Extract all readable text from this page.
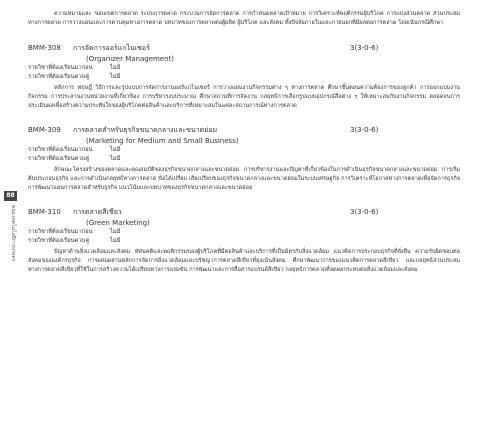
88
คณะเทคโนโลยีการเกษตร

ความหมายและ ขอบเขตการตลาด ระบบการตลาด กระบวนการจัดการตลาด การกำหนดตลาดเป้าหมาย การวิเคราะห์พฤติกรรมผู้บริโภค การแบ่งส่วนตลาด ส่วนประสมทางการตลาด การวางแผนและการควบคุมทางการตลาด บทบาทของการตลาดต่อผู้ผลิต ผู้บริโภค และสังคม ทั้งปัจจัยภายในและภายนอกที่มีผลต่อการตลาด โดยเน้นกรณีศึกษา

BMM-308 การจัดการออร์แกไนเซอร์	3(3-0-6)
(Organizer Management)
รายวิชาที่ต้องเรียนมาก่อน	ไม่มี
รายวิชาที่ต้องเรียนควบคู่	ไม่มี

หลักการ ทฤษฎี วิธีการและรูปแบบการจัดการงานออร์แกไนเซอร์ การวางแผนงานกิจกรรมต่าง ๆ ทางการตลาด ศึกษาขั้นตอนความต้องการของลูกค้า การออกแบบงานกิจกรรม การประสานงานหน่วยงานที่เกี่ยวข้อง การบริหารงบประมาณ ศึกษาสถานที่การจัดงาน กลยุทธ์การเลือกรูปแบบอุปกรณ์สื่อต่าง ๆ ให้เหมาะสมกับงานกิจกรรม ตลอดจนการประเมินผลเพื่อสร้างความประทับใจของผู้บริโภคต่อสินค้าและบริการที่เหมาะสมในแต่ละสถานการณ์ทางการตลาด

BMM-309 การตลาดสำหรับธุรกิจขนาดกลางและขนาดย่อม	3(3-0-6)
(Marketing for Medium and Small Business)
รายวิชาที่ต้องเรียนมาก่อน	ไม่มี
รายวิชาที่ต้องเรียนควบคู่	ไม่มี

ลักษณะโครงสร้างของตลาดและคุณสมบัติของธุรกิจขนาดกลางและขนาดย่อม การบริหารงานและปัญหาที่เกี่ยวข้องในการดำเนินธุรกิจขนาดกลางและขนาดย่อม การเริ่มต้นประกอบธุรกิจ และการดำเนินกลยุทธ์ทางการตลาด ข้อได้เปรียบ เสียเปรียบของธุรกิจขนาดกลางและขนาดย่อมในระบบเศรษฐกิจ การวิเคราะห์โอกาสทางการตลาดเพื่อจัดการธุรกิจ การพัฒนาแผนการตลาดสำหรับธุรกิจ แนวโน้มและบทบาทของธุรกิจขนาดกลางและขนาดย่อม

BMM-310 การตลาดสีเขียว	3(3-0-6)
(Green Marketing)
รายวิชาที่ต้องเรียนมาก่อน	ไม่มี
รายวิชาที่ต้องเรียนควบคู่	ไม่มี

ปัญหาด้านสิ่งแวดล้อมและสังคม ทัศนคติและพฤติกรรมของผู้บริโภคที่มีต่อสินค้าและบริการที่เป็นมิตรกับสิ่งแวดล้อม แนวคิดการประกอบธุรกิจที่ยั่งยืน ความรับผิดชอบต่อสังคมขององค์กรธุรกิจ การผสมผสานหลักการจัดการสิ่งแวดล้อมและปรัชญาการตลาดสีเขียวที่มุ่งเน้นสังคม ศึกษาพัฒนาการของแนวคิดการตลาดสีเขียว และกลยุทธ์ส่วนประสมทางการตลาดสีเขียวที่ใช้ในการสร้างความได้เปรียบทางการแข่งขัน การพัฒนาและการสื่อสารแบรนด์สีเขียว กลยุทธ์การตลาดที่ลดผลกระทบต่อสิ่งแวดล้อมและสังคม
